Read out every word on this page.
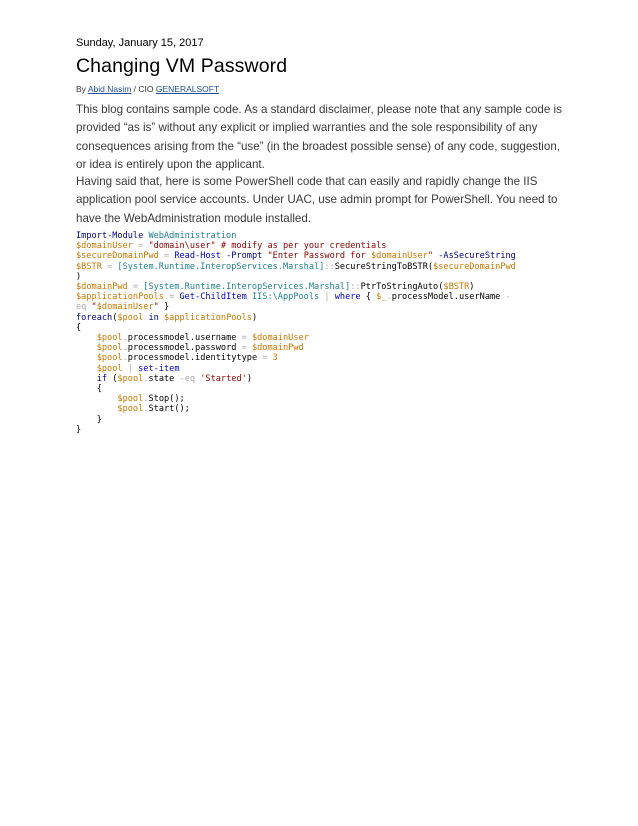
Sunday, January 15, 2017
Changing VM Password
By Abid Nasim / CIO GENERALSOFT

This blog contains sample code. As a standard disclaimer, please note that any sample code is provided “as is” without any explicit or implied warranties and the sole responsibility of any consequences arising from the “use” (in the broadest possible sense) of any code, suggestion, or idea is entirely upon the applicant.

Having said that, here is some PowerShell code that can easily and rapidly change the IIS application pool service accounts. Under UAC, use admin prompt for PowerShell. You need to have the WebAdministration module installed.

Import-Module WebAdministration
$domainUser = "domain\user" # modify as per your credentials
$secureDomainPwd = Read-Host -Prompt "Enter Password for $domainUser" -AsSecureString
$BSTR = [System.Runtime.InteropServices.Marshal]::SecureStringToBSTR($secureDomainPwd
)
$domainPwd = [System.Runtime.InteropServices.Marshal]::PtrToStringAuto($BSTR)
$applicationPools = Get-ChildItem IIS:\AppPools | where { $_.processModel.userName -
eq "$domainUser" }
foreach($pool in $applicationPools)
{
$pool.processmodel.username = $domainUser
$pool.processmodel.password = $domainPwd
$pool.processmodel.identitytype = 3
$pool | set-item
if ($pool.state -eq 'Started')
{
$pool.Stop();
$pool.Start();
}
}
